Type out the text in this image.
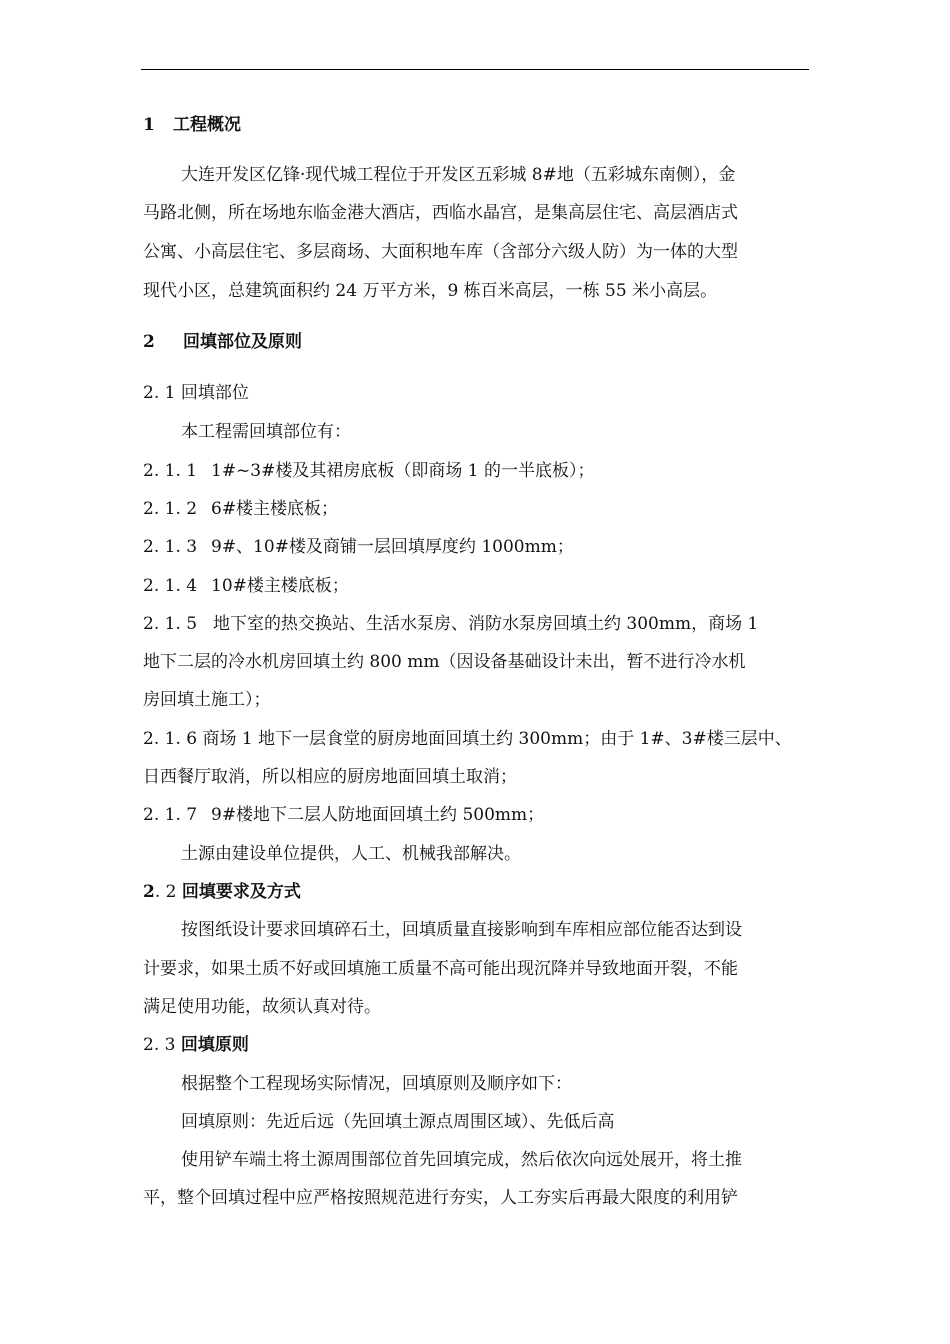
1 工程概况
大连开发区亿锋·现代城工程位于开发区五彩城 8#地（五彩城东南侧），金
马路北侧，所在场地东临金港大酒店，西临水晶宫，是集高层住宅、高层酒店式
公寓、小高层住宅、多层商场、大面积地车库（含部分六级人防）为一体的大型
现代小区，总建筑面积约 24 万平方米，9 栋百米高层，一栋 55 米小高层。
2 回填部位及原则
2. 1 回填部位
本工程需回填部位有：
2. 1. 1 1#~3#楼及其裙房底板（即商场 1 的一半底板）；
2. 1. 2 6#楼主楼底板；
2. 1. 3 9#、10#楼及商铺一层回填厚度约 1000mm；
2. 1. 4 10#楼主楼底板；
2. 1. 5 地下室的热交换站、生活水泵房、消防水泵房回填土约 300mm，商场 1
地下二层的冷水机房回填土约 800 mm（因设备基础设计未出，暂不进行冷水机
房回填土施工）；
2. 1. 6 商场 1 地下一层食堂的厨房地面回填土约 300mm；由于 1#、3#楼三层中、
日西餐厅取消，所以相应的厨房地面回填土取消；
2. 1. 7 9#楼地下二层人防地面回填土约 500mm；
土源由建设单位提供，人工、机械我部解决。
2. 2 回填要求及方式
按图纸设计要求回填碎石土，回填质量直接影响到车库相应部位能否达到设
计要求，如果土质不好或回填施工质量不高可能出现沉降并导致地面开裂，不能
满足使用功能，故须认真对待。
2. 3 回填原则
根据整个工程现场实际情况，回填原则及顺序如下：
回填原则：先近后远（先回填土源点周围区域）、先低后高
使用铲车端土将土源周围部位首先回填完成，然后依次向远处展开，将土推
平，整个回填过程中应严格按照规范进行夯实，人工夯实后再最大限度的利用铲
